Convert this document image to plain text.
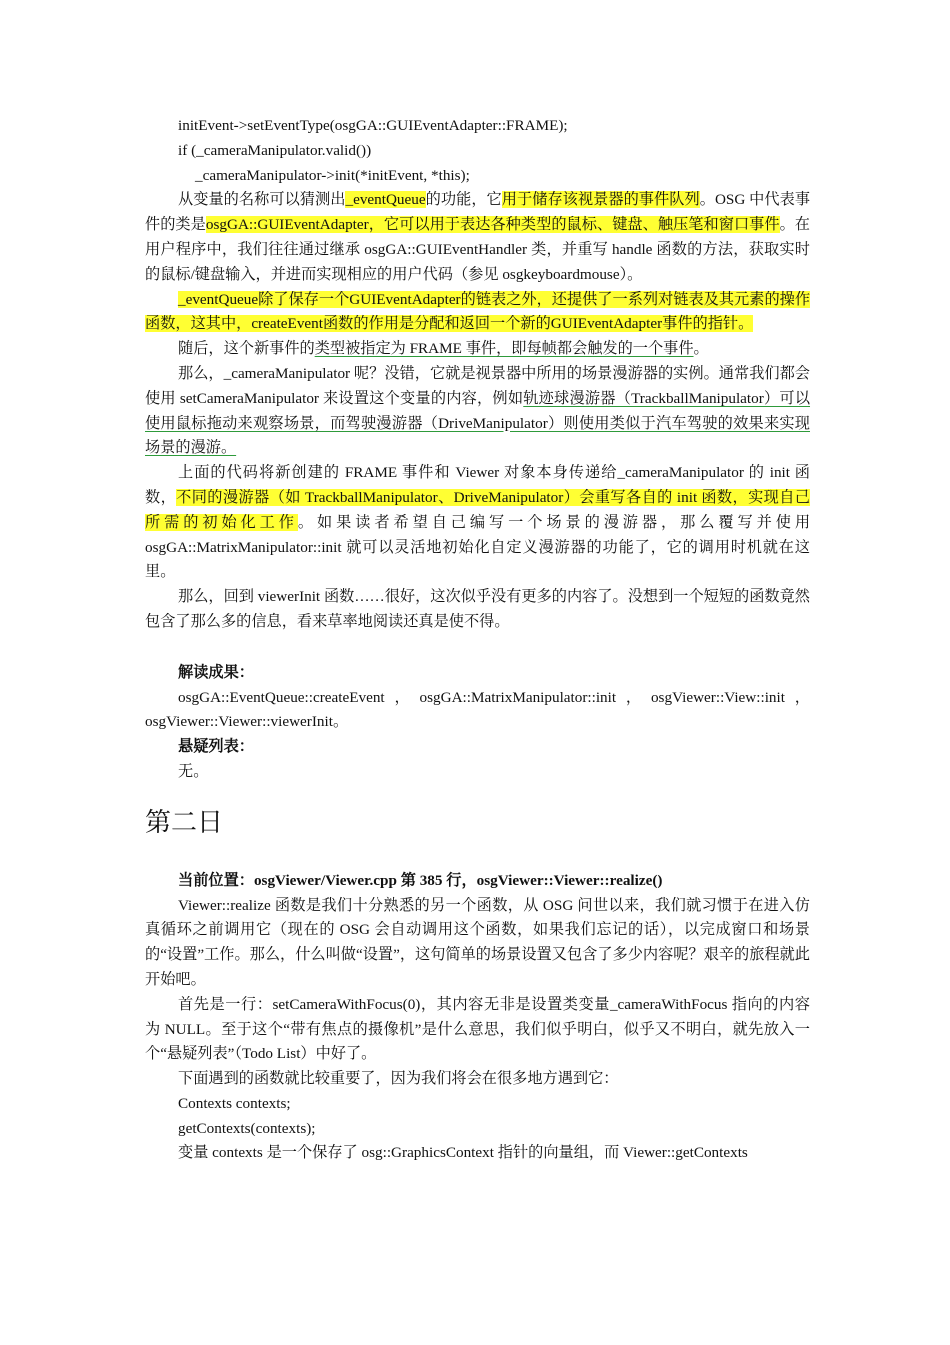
initEvent->setEventType(osgGA::GUIEventAdapter::FRAME);

if (_cameraManipulator.valid())

_cameraManipulator->init(*initEvent, *this);

从变量的名称可以猜测出_eventQueue的功能，它用于储存该视景器的事件队列。OSG 中代表事件的类是osgGA::GUIEventAdapter，它可以用于表达各种类型的鼠标、键盘、触压笔和窗口事件。在用户程序中，我们往往通过继承 osgGA::GUIEventHandler 类，并重写 handle 函数的方法，获取实时的鼠标/键盘输入，并进而实现相应的用户代码（参见 osgkeyboardmouse）。

_eventQueue除了保存一个GUIEventAdapter的链表之外，还提供了一系列对链表及其元素的操作函数，这其中，createEvent函数的作用是分配和返回一个新的GUIEventAdapter事件的指针。

随后，这个新事件的类型被指定为 FRAME 事件，即每帧都会触发的一个事件。

那么，_cameraManipulator 呢？没错，它就是视景器中所用的场景漫游器的实例。通常我们都会使用 setCameraManipulator 来设置这个变量的内容，例如轨迹球漫游器（TrackballManipulator）可以使用鼠标拖动来观察场景，而驾驶漫游器（DriveManipulator）则使用类似于汽车驾驶的效果来实现场景的漫游。

上面的代码将新创建的 FRAME 事件和 Viewer 对象本身传递给_cameraManipulator 的 init 函数，不同的漫游器（如 TrackballManipulator、DriveManipulator）会重写各自的 init 函数，实现自己所需的初始化工作。如果读者希望自己编写一个场景的漫游器，那么覆写并使用 osgGA::MatrixManipulator::init 就可以灵活地初始化自定义漫游器的功能了，它的调用时机就在这里。

那么，回到 viewerInit 函数……很好，这次似乎没有更多的内容了。没想到一个短短的函数竟然包含了那么多的信息，看来草率地阅读还真是使不得。

解读成果：

osgGA::EventQueue::createEvent，osgGA::MatrixManipulator::init，osgViewer::View::init，osgViewer::Viewer::viewerInit。

悬疑列表：

无。

第二日

当前位置：osgViewer/Viewer.cpp 第 385 行，osgViewer::Viewer::realize()

Viewer::realize 函数是我们十分熟悉的另一个函数，从 OSG 问世以来，我们就习惯于在进入仿真循环之前调用它（现在的 OSG 会自动调用这个函数，如果我们忘记的话），以完成窗口和场景的“设置”工作。那么，什么叫做“设置”，这句简单的场景设置又包含了多少内容呢？艰辛的旅程就此开始吧。

首先是一行：setCameraWithFocus(0)，其内容无非是设置类变量_cameraWithFocus 指向的内容为 NULL。至于这个“带有焦点的摄像机”是什么意思，我们似乎明白，似乎又不明白，就先放入一个“悬疑列表”（Todo List）中好了。

下面遇到的函数就比较重要了，因为我们将会在很多地方遇到它：

Contexts contexts;

getContexts(contexts);

变量 contexts 是一个保存了 osg::GraphicsContext 指针的向量组，而 Viewer::getContexts
